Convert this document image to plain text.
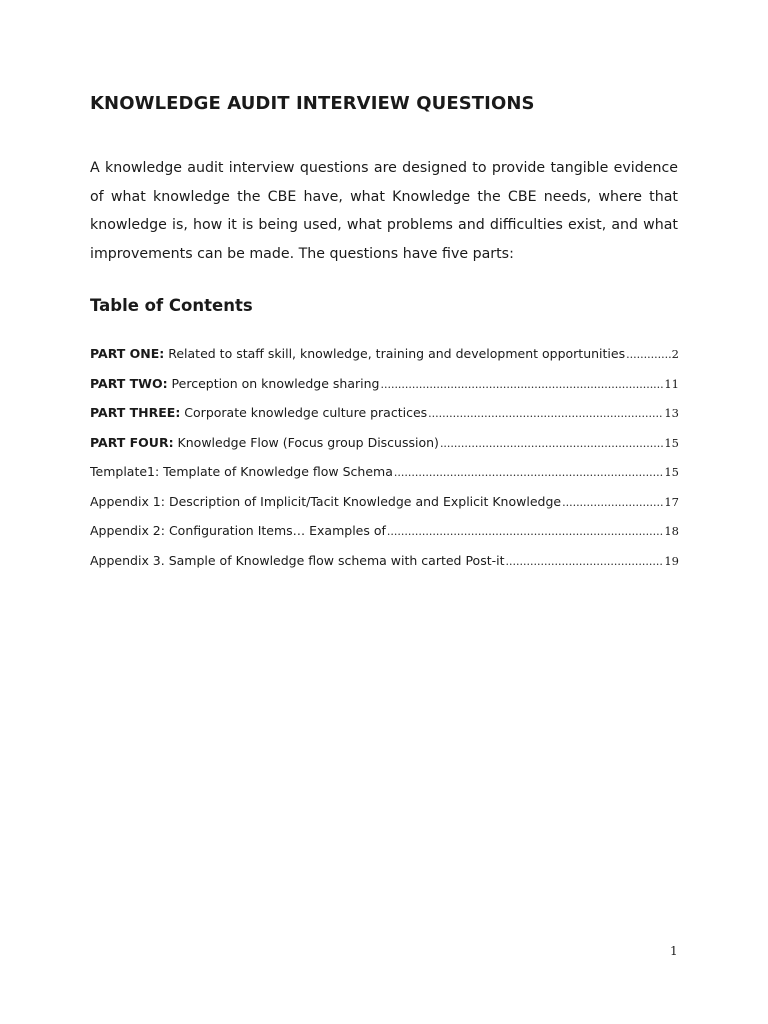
KNOWLEDGE AUDIT INTERVIEW QUESTIONS

A knowledge audit interview questions are designed to provide tangible evidence of what knowledge the CBE have, what Knowledge the CBE needs, where that knowledge is, how it is being used, what problems and difficulties exist, and what improvements can be made. The questions have five parts:

Table of Contents
PART ONE: Related to staff skill, knowledge, training and development opportunities .....	2
PART TWO: Perception on knowledge sharing .....	11
PART THREE: Corporate knowledge culture practices .....	13
PART FOUR: Knowledge Flow (Focus group Discussion) .....	15
Template1: Template of Knowledge flow Schema .....	15
Appendix 1: Description of Implicit/Tacit Knowledge and Explicit Knowledge .....	17
Appendix 2: Configuration Items… Examples of .....	18
Appendix 3. Sample of Knowledge flow schema with carted Post-it .....	19
1
